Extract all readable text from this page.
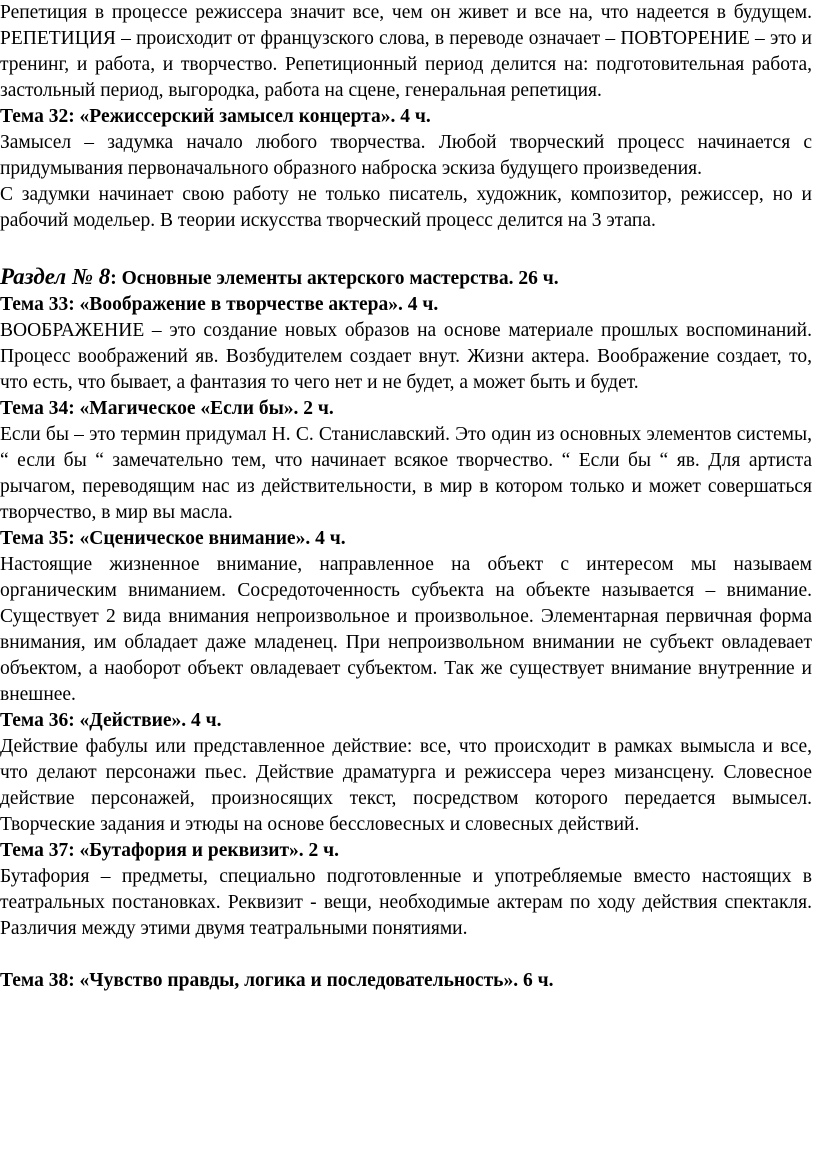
Репетиция в процессе режиссера значит все, чем он живет и все на, что надеется в будущем. РЕПЕТИЦИЯ – происходит от французского слова, в переводе означает – ПОВТОРЕНИЕ – это и тренинг, и работа, и творчество. Репетиционный период делится на: подготовительная работа, застольный период, выгородка, работа на сцене, генеральная репетиция.

Тема 32: «Режиссерский замысел концерта». 4 ч.

Замысел – задумка начало любого творчества. Любой творческий процесс начинается с придумывания первоначального образного наброска эскиза будущего произведения.

С задумки начинает свою работу не только писатель, художник, композитор, режиссер, но и рабочий модельер. В теории искусства творческий процесс делится на 3 этапа.

Раздел № 8: Основные элементы актерского мастерства. 26 ч.

Тема 33: «Воображение в творчестве актера». 4 ч.

ВООБРАЖЕНИЕ – это создание новых образов на основе материале прошлых воспоминаний. Процесс воображений яв. Возбудителем создает внут. Жизни актера. Воображение создает, то, что есть, что бывает, а фантазия то чего нет и не будет, а может быть и будет.

Тема 34: «Магическое «Если бы». 2 ч.

Если бы – это термин придумал Н. С. Станиславский. Это один из основных элементов системы, “ если бы “ замечательно тем, что начинает всякое творчество. “ Если бы “ яв. Для артиста рычагом, переводящим нас из действительности, в мир в котором только и может совершаться творчество, в мир вы масла.

Тема 35: «Сценическое внимание». 4 ч.

Настоящие жизненное внимание, направленное на объект с интересом мы называем органическим вниманием. Сосредоточенность субъекта на объекте называется – внимание. Существует 2 вида внимания непроизвольное и произвольное. Элементарная первичная форма внимания, им обладает даже младенец. При непроизвольном внимании не субъект овладевает объектом, а наоборот объект овладевает субъектом. Так же существует внимание внутренние и внешнее.

Тема 36: «Действие». 4 ч.

Действие фабулы или представленное действие: все, что происходит в рамках вымысла и все, что делают персонажи пьес. Действие драматурга и режиссера через мизансцену. Словесное действие персонажей, произносящих текст, посредством которого передается вымысел. Творческие задания и этюды на основе бессловесных и словесных действий.

Тема 37: «Бутафория и реквизит». 2 ч.

Бутафория – предметы, специально подготовленные и употребляемые вместо настоящих в театральных постановках. Реквизит - вещи, необходимые актерам по ходу действия спектакля. Различия между этими двумя театральными понятиями.

Тема 38: «Чувство правды, логика и последовательность». 6 ч.
